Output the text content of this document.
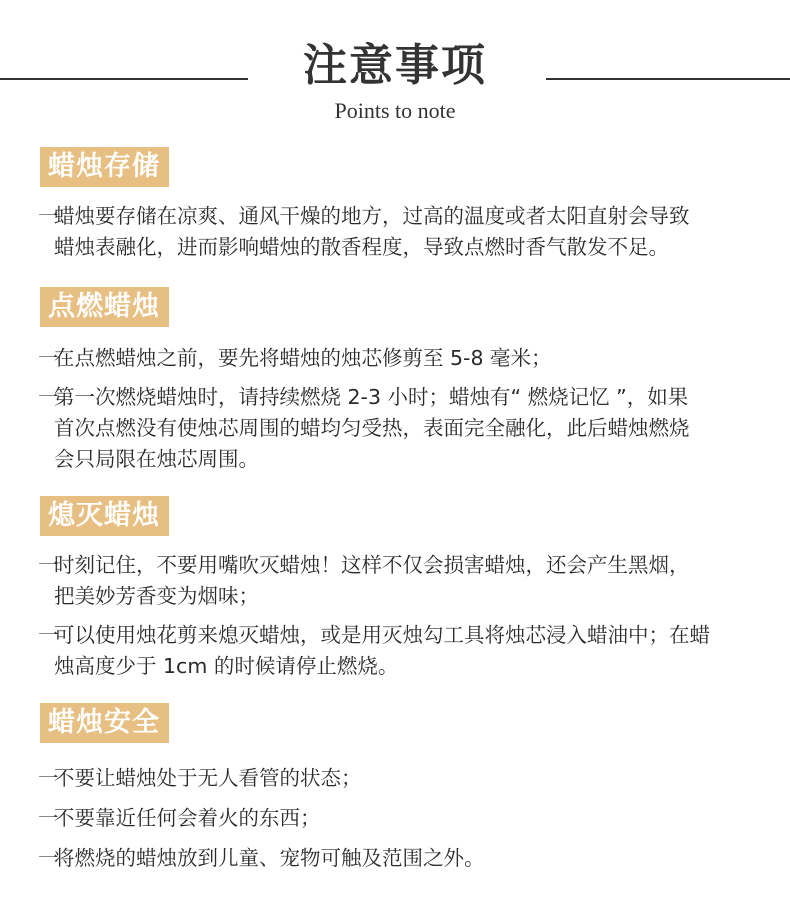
注意事项
Points to note
蜡烛存储
一蜡烛要存储在凉爽、通风干燥的地方，过高的温度或者太阳直射会导致
蜡烛表融化，进而影响蜡烛的散香程度，导致点燃时香气散发不足。
点燃蜡烛
一在点燃蜡烛之前，要先将蜡烛的烛芯修剪至 5-8 毫米；
一第一次燃烧蜡烛时，请持续燃烧 2-3 小时；蜡烛有“ 燃烧记忆 ”，如果
首次点燃没有使烛芯周围的蜡均匀受热，表面完全融化，此后蜡烛燃烧
会只局限在烛芯周围。
熄灭蜡烛
一时刻记住，不要用嘴吹灭蜡烛！这样不仅会损害蜡烛，还会产生黑烟，
把美妙芳香变为烟味；
一可以使用烛花剪来熄灭蜡烛，或是用灭烛勾工具将烛芯浸入蜡油中；在蜡
烛高度少于 1cm 的时候请停止燃烧。
蜡烛安全
一不要让蜡烛处于无人看管的状态；
一不要靠近任何会着火的东西；
一将燃烧的蜡烛放到儿童、宠物可触及范围之外。
